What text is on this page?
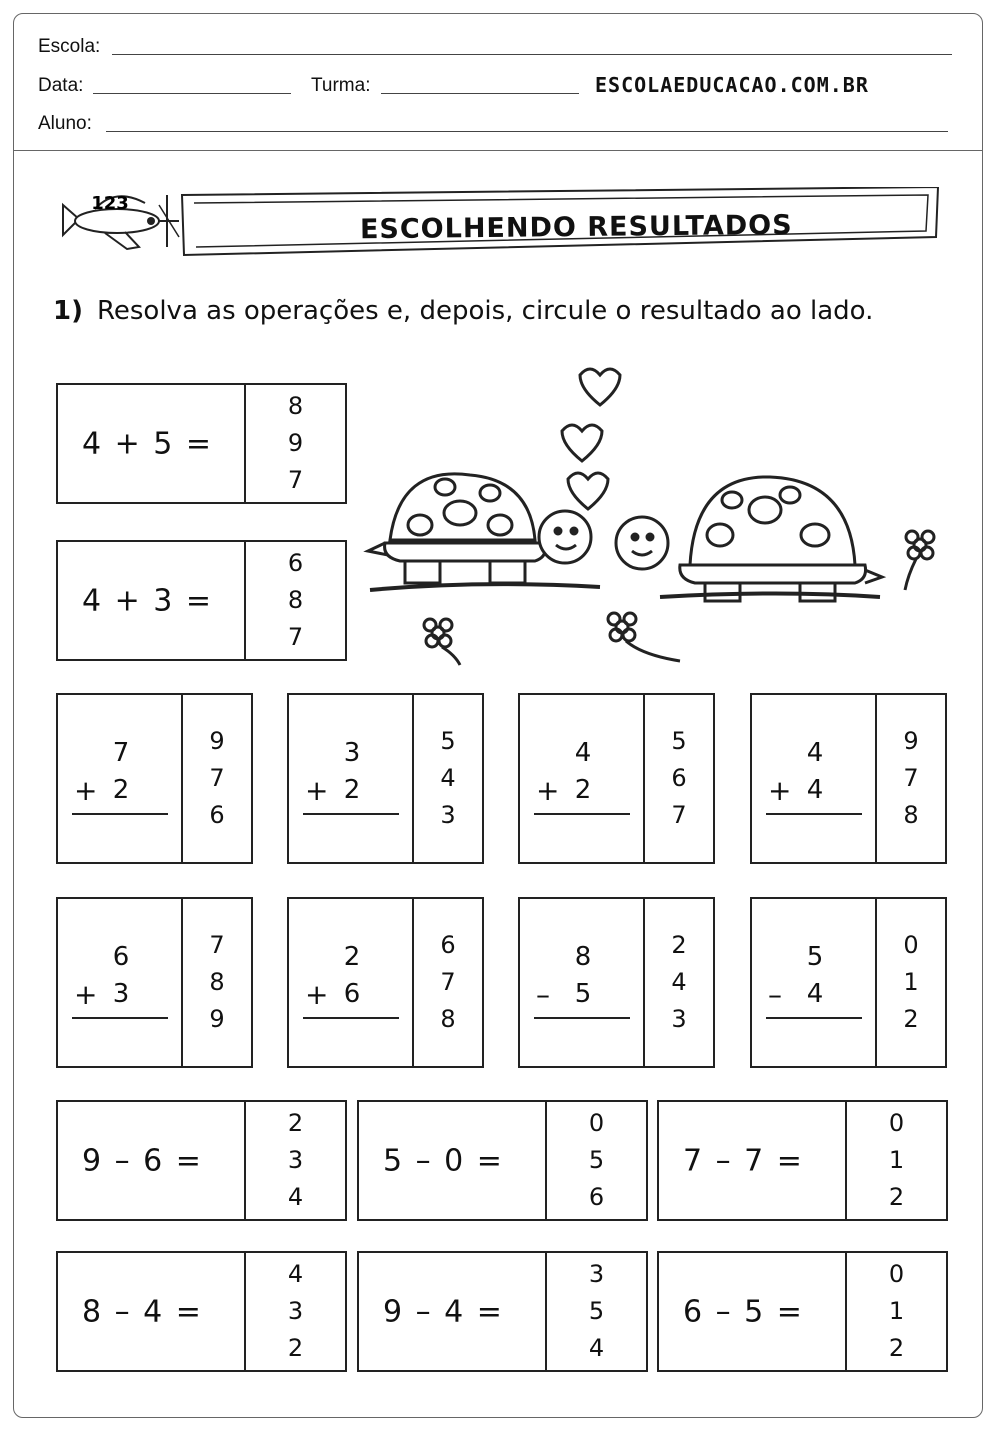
Escola:
Data:	Turma:	ESCOLAEDUCACAO.COM.BR
Aluno:
123
ESCOLHENDO RESULTADOS
1) Resolva as operações e, depois, circule o resultado ao lado.
4 + 5 =
8
9
7
4 + 3 =
6
8
7
7
+ 2
9
7
6
3
+ 2
5
4
3
4
+ 2
5
6
7
4
+ 4
9
7
8
6
+ 3
7
8
9
2
+ 6
6
7
8
8
– 5
2
4
3
5
– 4
0
1
2
9 – 6 =
2
3
4
5 – 0 =
0
5
6
7 – 7 =
0
1
2
8 – 4 =
4
3
2
9 – 4 =
3
5
4
6 – 5 =
0
1
2
